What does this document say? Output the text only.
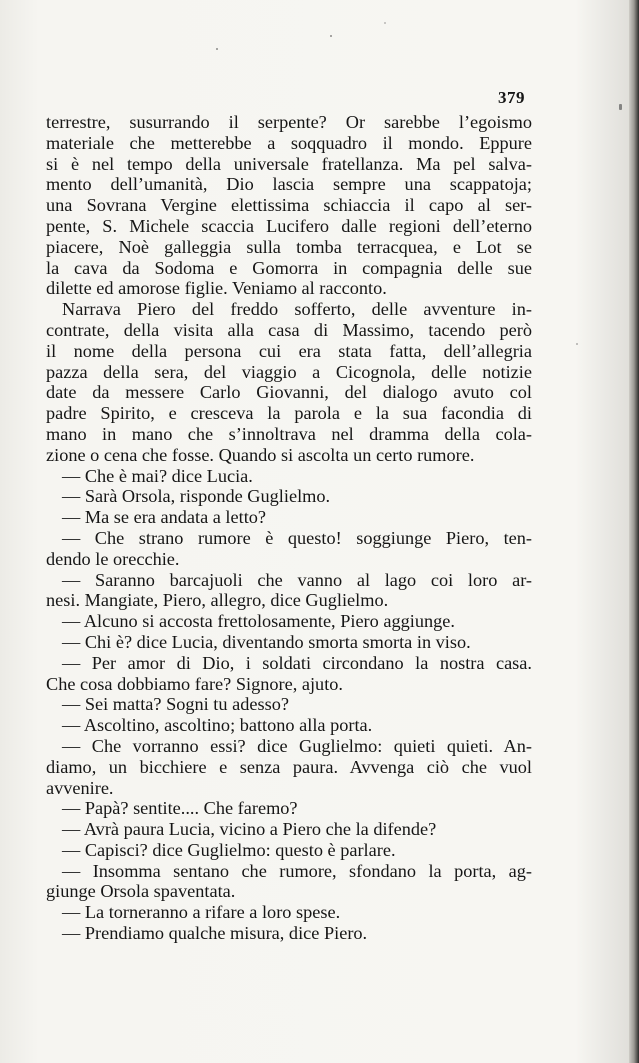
379
terrestre, susurrando il serpente? Or sarebbe l’egoismo
materiale che metterebbe a soqquadro il mondo. Eppure
si è nel tempo della universale fratellanza. Ma pel salva-
mento dell’umanità, Dio lascia sempre una scappatoja;
una Sovrana Vergine elettissima schiaccia il capo al ser-
pente, S. Michele scaccia Lucifero dalle regioni dell’eterno
piacere, Noè galleggia sulla tomba terracquea, e Lot se
la cava da Sodoma e Gomorra in compagnia delle sue
dilette ed amorose figlie. Veniamo al racconto.
Narrava Piero del freddo sofferto, delle avventure in-
contrate, della visita alla casa di Massimo, tacendo però
il nome della persona cui era stata fatta, dell’allegria
pazza della sera, del viaggio a Cicognola, delle notizie
date da messere Carlo Giovanni, del dialogo avuto col
padre Spirito, e cresceva la parola e la sua facondia di
mano in mano che s’innoltrava nel dramma della cola-
zione o cena che fosse. Quando si ascolta un certo rumore.
— Che è mai? dice Lucia.
— Sarà Orsola, risponde Guglielmo.
— Ma se era andata a letto?
— Che strano rumore è questo! soggiunge Piero, ten-
dendo le orecchie.
— Saranno barcajuoli che vanno al lago coi loro ar-
nesi. Mangiate, Piero, allegro, dice Guglielmo.
— Alcuno si accosta frettolosamente, Piero aggiunge.
— Chi è? dice Lucia, diventando smorta smorta in viso.
— Per amor di Dio, i soldati circondano la nostra casa.
Che cosa dobbiamo fare? Signore, ajuto.
— Sei matta? Sogni tu adesso?
— Ascoltino, ascoltino; battono alla porta.
— Che vorranno essi? dice Guglielmo: quieti quieti. An-
diamo, un bicchiere e senza paura. Avvenga ciò che vuol
avvenire.
— Papà? sentite.... Che faremo?
— Avrà paura Lucia, vicino a Piero che la difende?
— Capisci? dice Guglielmo: questo è parlare.
— Insomma sentano che rumore, sfondano la porta, ag-
giunge Orsola spaventata.
— La torneranno a rifare a loro spese.
— Prendiamo qualche misura, dice Piero.
